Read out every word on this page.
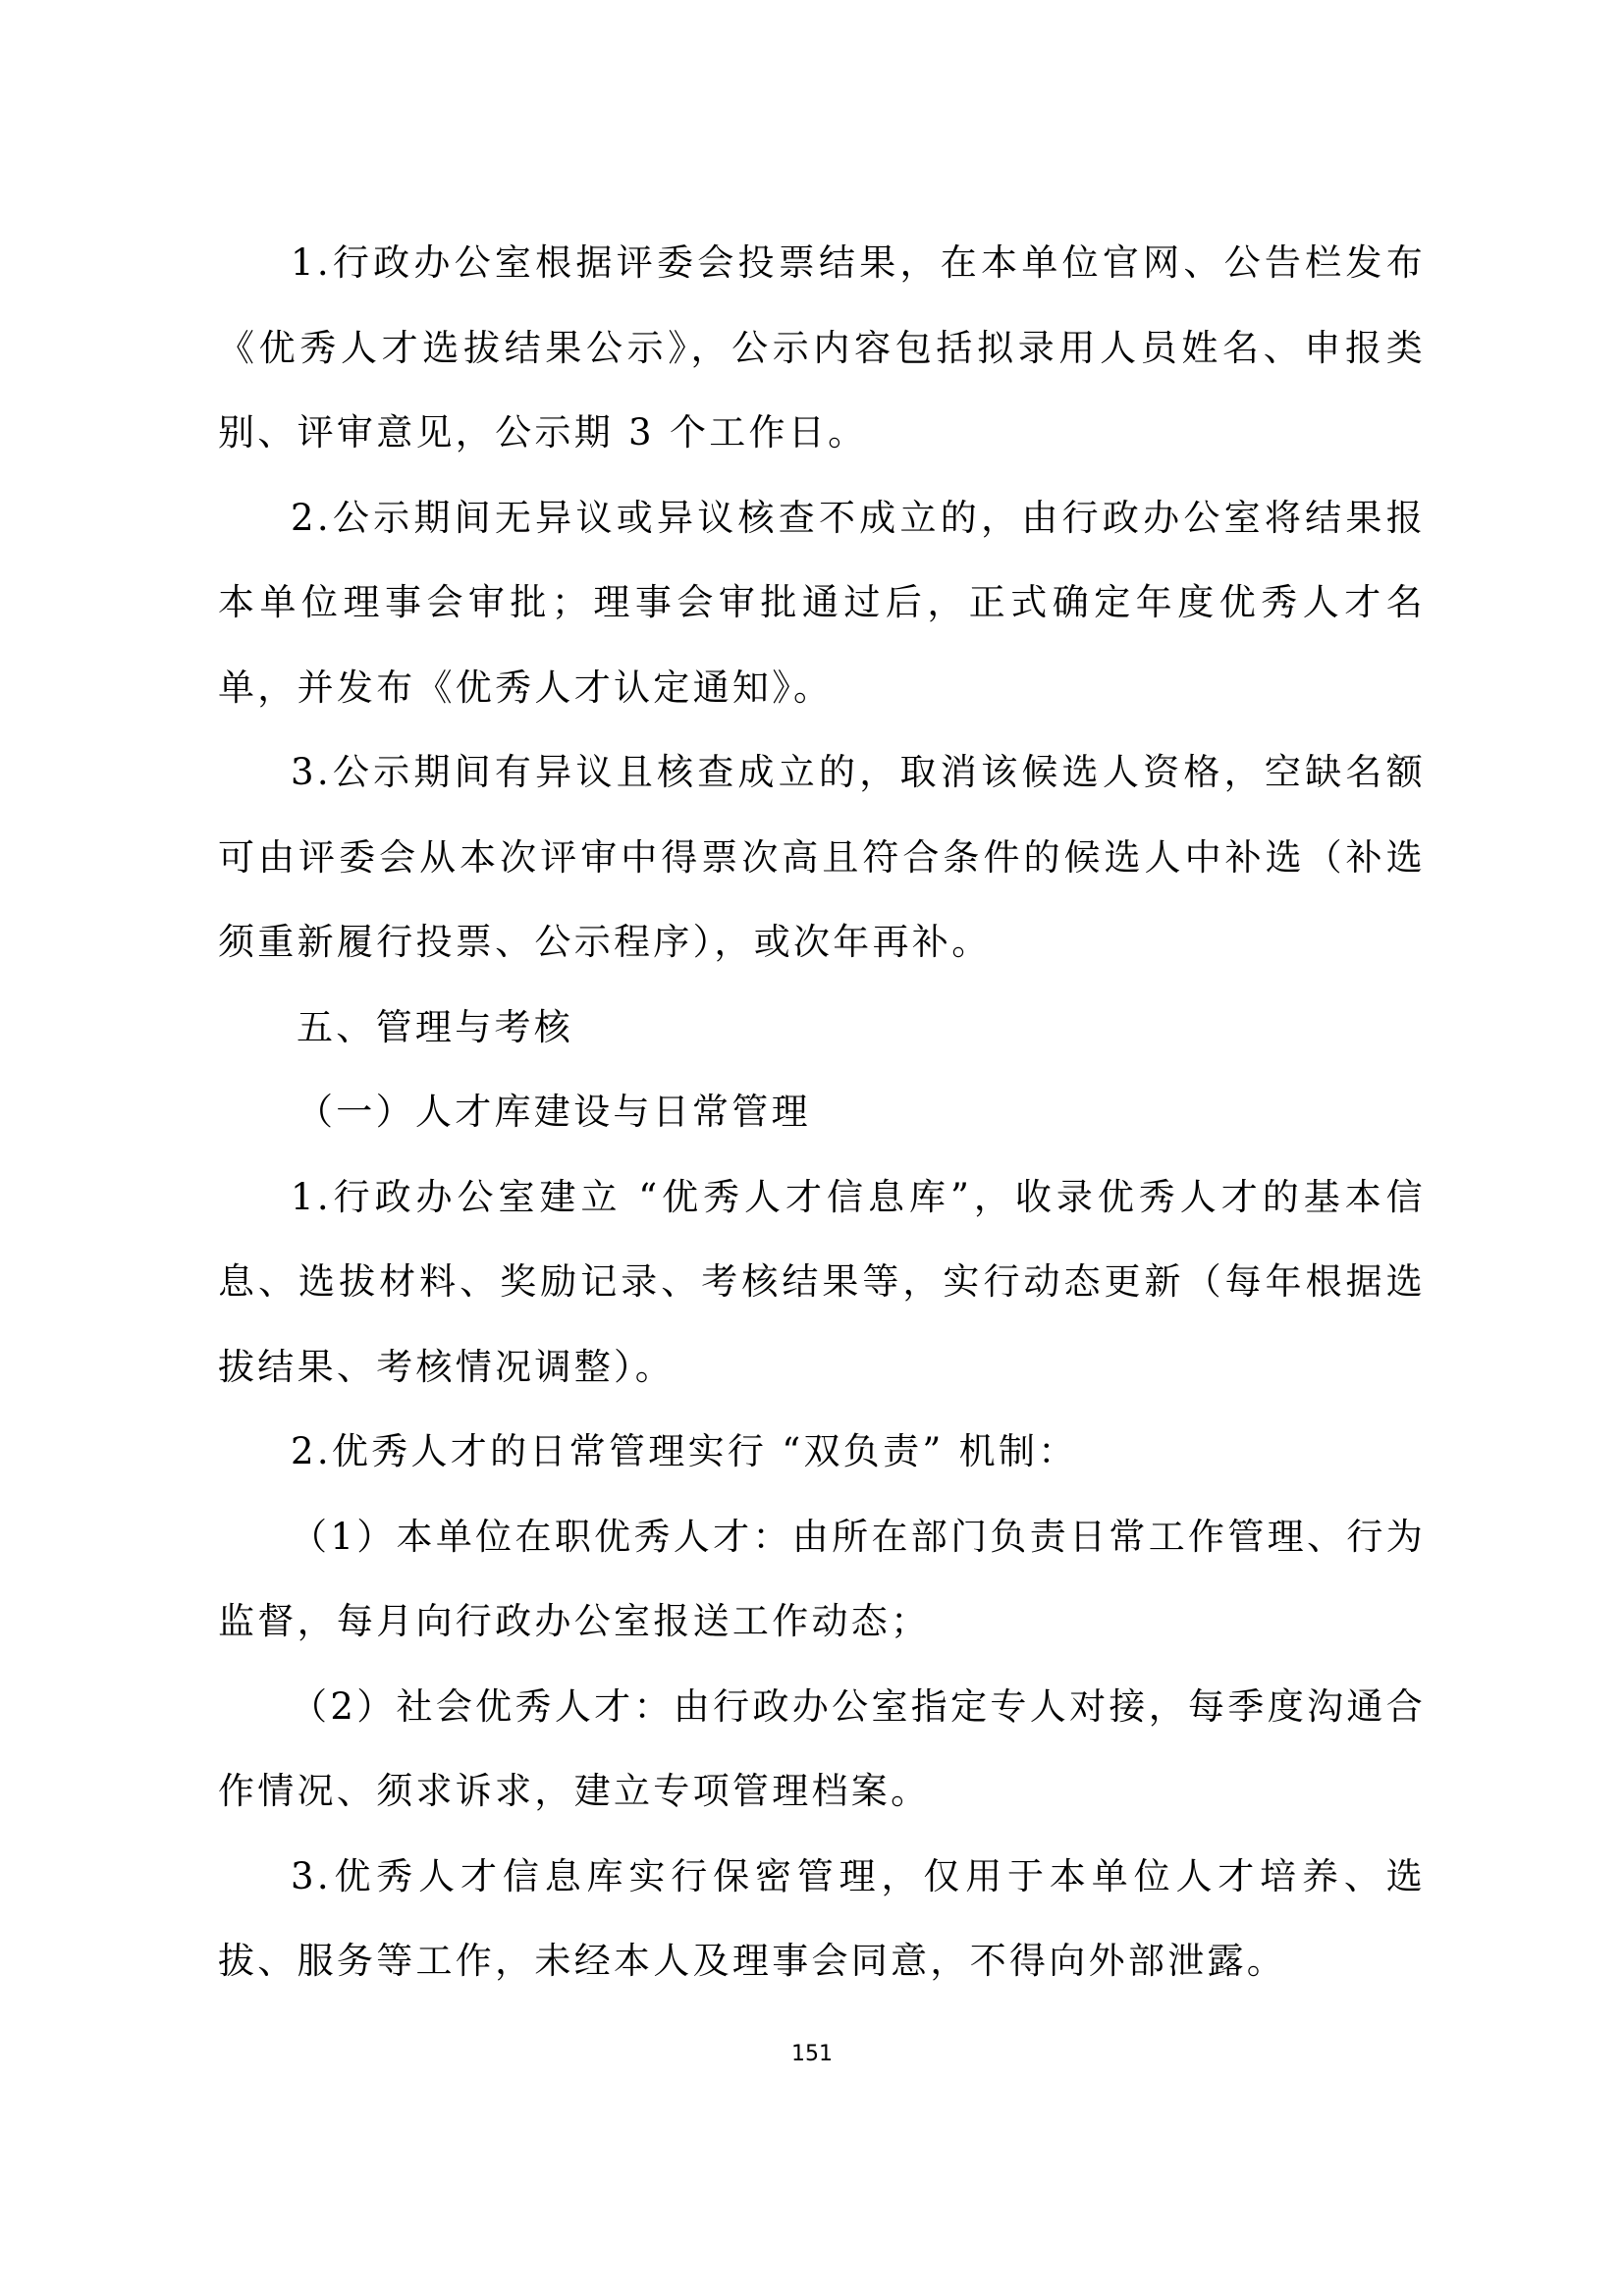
1.行政办公室根据评委会投票结果，在本单位官网、公告栏发布《优秀人才选拔结果公示》，公示内容包括拟录用人员姓名、申报类别、评审意见，公示期 3 个工作日。

2.公示期间无异议或异议核查不成立的，由行政办公室将结果报本单位理事会审批；理事会审批通过后，正式确定年度优秀人才名单，并发布《优秀人才认定通知》。

3.公示期间有异议且核查成立的，取消该候选人资格，空缺名额可由评委会从本次评审中得票次高且符合条件的候选人中补选（补选须重新履行投票、公示程序），或次年再补。

五、管理与考核

（一）人才库建设与日常管理

1.行政办公室建立 “优秀人才信息库”，收录优秀人才的基本信息、选拔材料、奖励记录、考核结果等，实行动态更新（每年根据选拔结果、考核情况调整）。

2.优秀人才的日常管理实行 “双负责” 机制：

（1）本单位在职优秀人才：由所在部门负责日常工作管理、行为监督，每月向行政办公室报送工作动态；

（2）社会优秀人才：由行政办公室指定专人对接，每季度沟通合作情况、须求诉求，建立专项管理档案。

3.优秀人才信息库实行保密管理，仅用于本单位人才培养、选拔、服务等工作，未经本人及理事会同意，不得向外部泄露。

151
